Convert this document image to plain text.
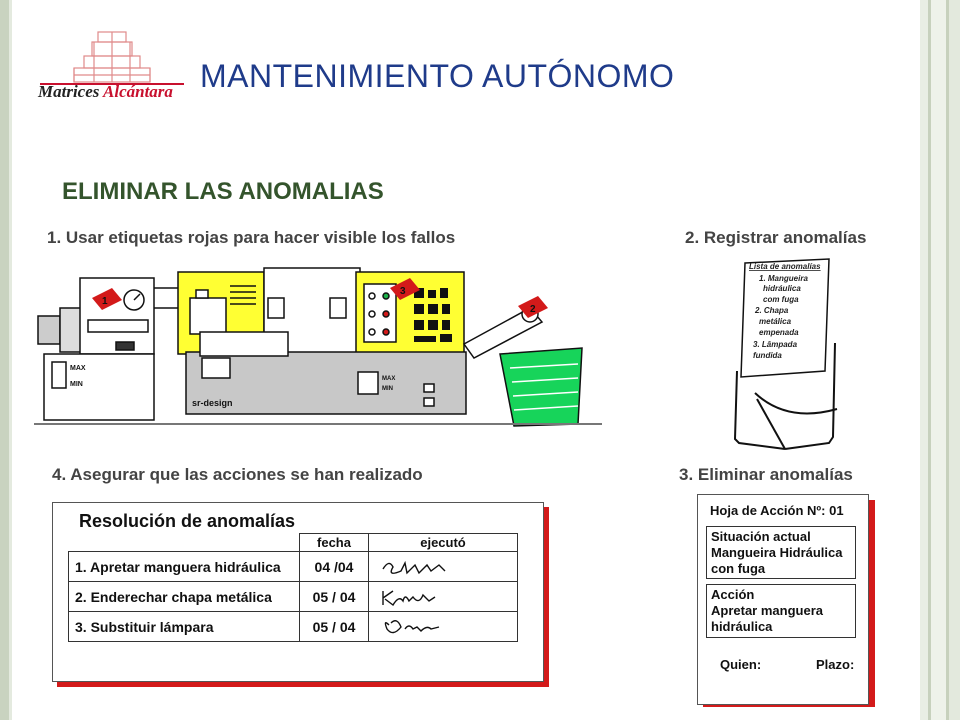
Matrices Alcántara MANTENIMIENTO AUTÓNOMO
ELIMINAR LAS ANOMALIAS
1. Usar etiquetas rojas para hacer visible los fallos	2. Registrar anomalías
3. Eliminar anomalías
4. Asegurar que las acciones se han realizado
1
2
3
MAX
MIN
MAX
MIN
sr-design
Lista de anomalías
1. Mangueira
hidráulica
com fuga
2. Chapa
metálica
empenada
3. Lâmpada
fundida
Resolución de anomalías
	fecha	ejecutó
1. Apretar manguera hidráulica	04 /04	

2. Enderechar chapa metálica	05 / 04	

3. Substituir lámpara	05 / 04	
Hoja de Acción Nº: 01
Situación actual
Mangueira Hidráulica
con fuga
Acción
Apretar manguera
hidráulica
Quien:	Plazo:
